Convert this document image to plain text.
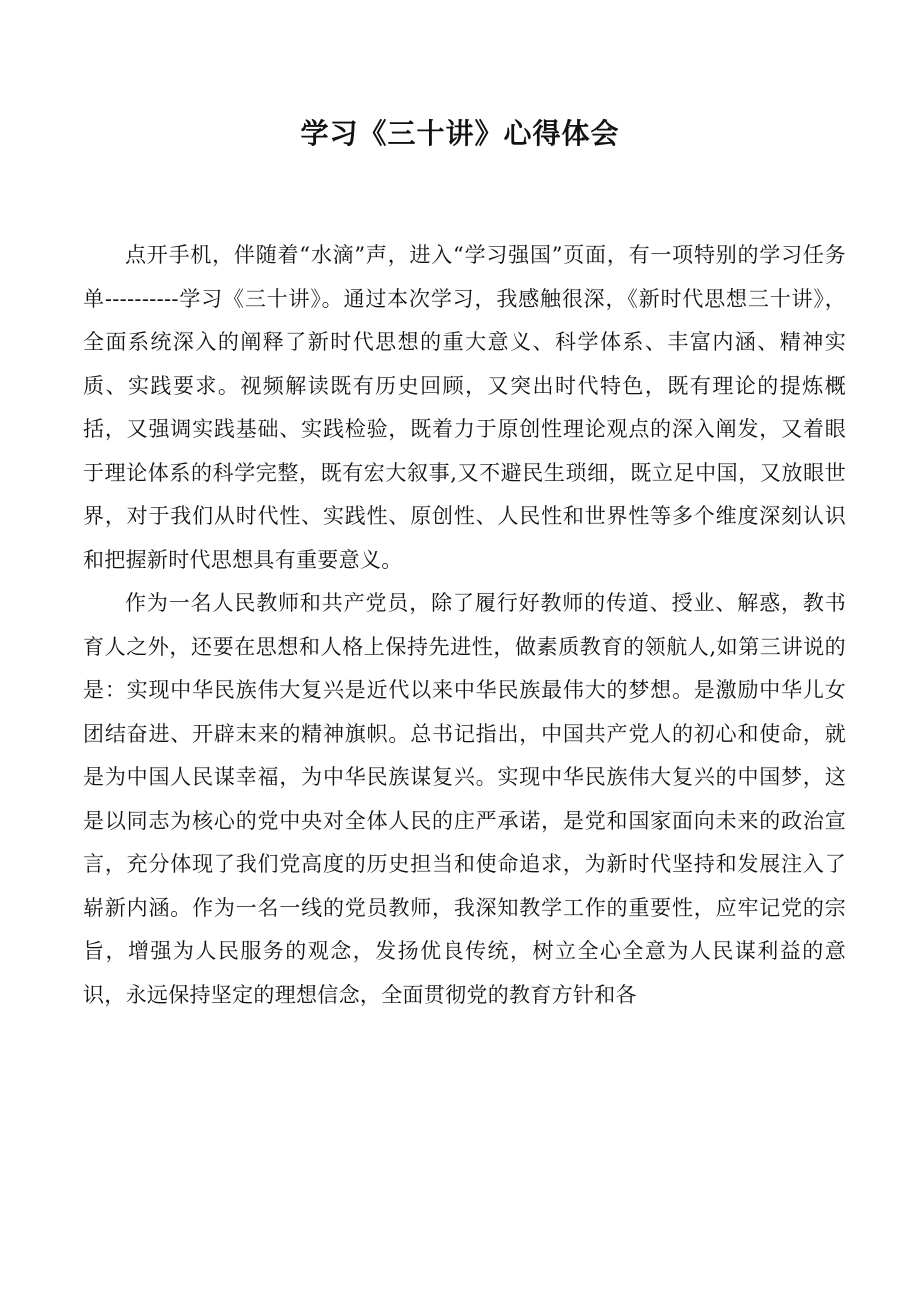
学习《三十讲》心得体会

点开手机，伴随着“水滴”声，进入“学习强国”页面，有一项特别的学习任务单----------学习《三十讲》。通过本次学习，我感触很深，《新时代思想三十讲》，全面系统深入的阐释了新时代思想的重大意义、科学体系、丰富内涵、精神实质、实践要求。视频解读既有历史回顾，又突出时代特色，既有理论的提炼概括，又强调实践基础、实践检验，既着力于原创性理论观点的深入阐发，又着眼于理论体系的科学完整，既有宏大叙事,又不避民生琐细，既立足中国，又放眼世界，对于我们从时代性、实践性、原创性、人民性和世界性等多个维度深刻认识和把握新时代思想具有重要意义。

作为一名人民教师和共产党员，除了履行好教师的传道、授业、解惑，教书育人之外，还要在思想和人格上保持先进性，做素质教育的领航人,如第三讲说的是：实现中华民族伟大复兴是近代以来中华民族最伟大的梦想。是激励中华儿女团结奋进、开辟末来的精神旗帜。总书记指出，中国共产党人的初心和使命，就是为中国人民谋幸福，为中华民族谋复兴。实现中华民族伟大复兴的中国梦，这是以同志为核心的党中央对全体人民的庄严承诺，是党和国家面向未来的政治宣言，充分体现了我们党高度的历史担当和使命追求，为新时代坚持和发展注入了崭新内涵。作为一名一线的党员教师，我深知教学工作的重要性，应牢记党的宗旨，增强为人民服务的观念，发扬优良传统，树立全心全意为人民谋利益的意识，永远保持坚定的理想信念，全面贯彻党的教育方针和各
